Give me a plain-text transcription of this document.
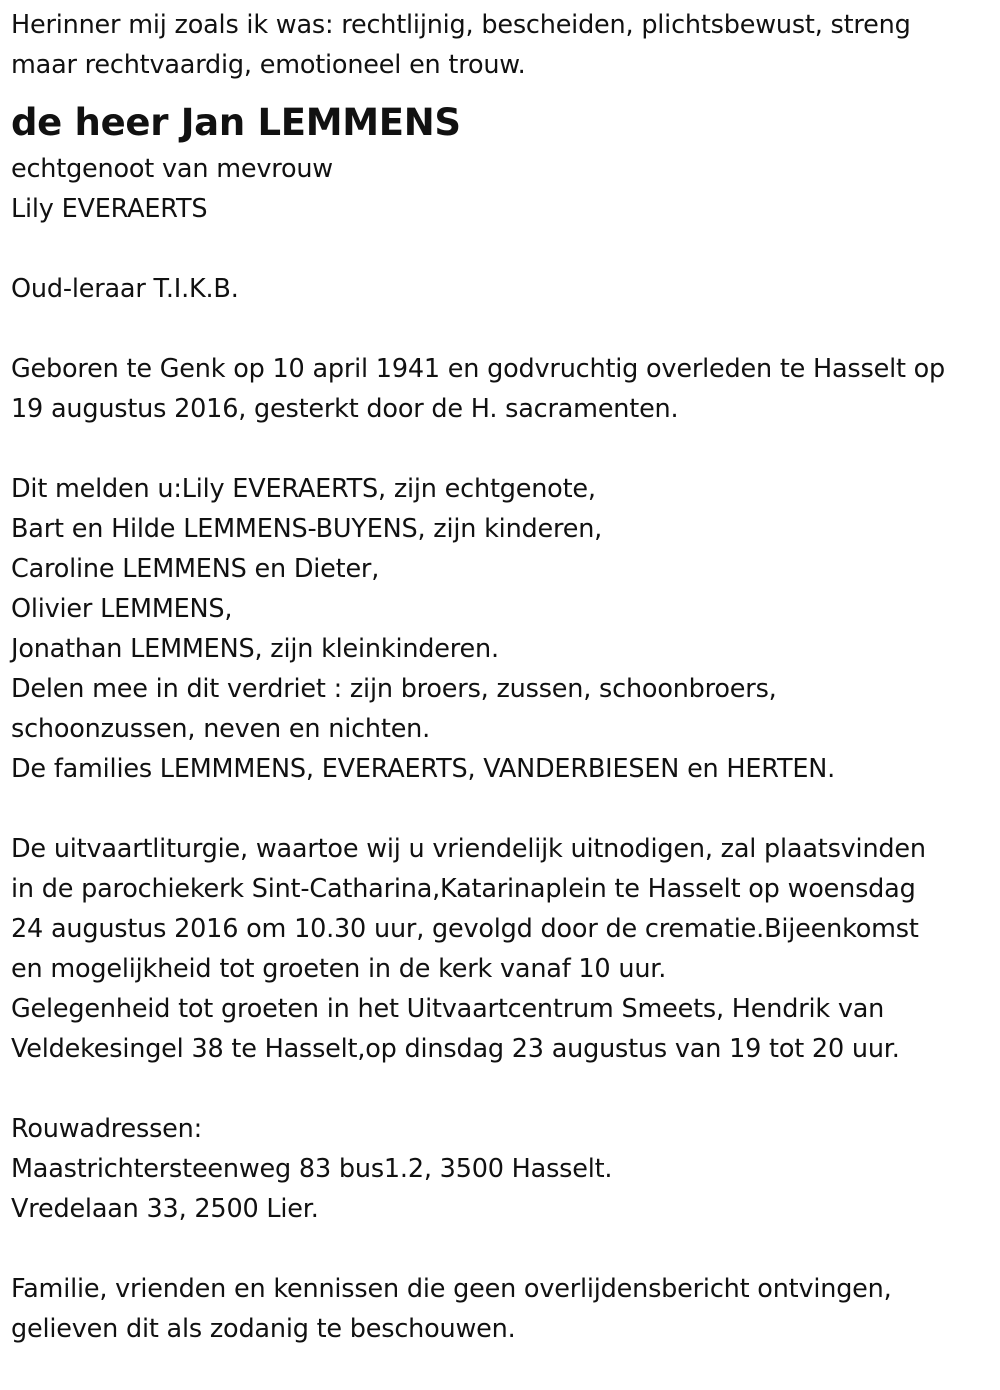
Herinner mij zoals ik was: rechtlijnig, bescheiden, plichtsbewust, streng
maar rechtvaardig, emotioneel en trouw.
de heer Jan LEMMENS
echtgenoot van mevrouw
Lily EVERAERTS
Oud-leraar T.I.K.B.
Geboren te Genk op 10 april 1941 en godvruchtig overleden te Hasselt op
19 augustus 2016, gesterkt door de H. sacramenten.
Dit melden u:Lily EVERAERTS, zijn echtgenote,
Bart en Hilde LEMMENS-BUYENS, zijn kinderen,
Caroline LEMMENS en Dieter,
Olivier LEMMENS,
Jonathan LEMMENS, zijn kleinkinderen.
Delen mee in dit verdriet : zijn broers, zussen, schoonbroers,
schoonzussen, neven en nichten.
De families LEMMMENS, EVERAERTS, VANDERBIESEN en HERTEN.
De uitvaartliturgie, waartoe wij u vriendelijk uitnodigen, zal plaatsvinden
in de parochiekerk Sint-Catharina,Katarinaplein te Hasselt op woensdag
24 augustus 2016 om 10.30 uur, gevolgd door de crematie.Bijeenkomst
en mogelijkheid tot groeten in de kerk vanaf 10 uur.
Gelegenheid tot groeten in het Uitvaartcentrum Smeets, Hendrik van
Veldekesingel 38 te Hasselt,op dinsdag 23 augustus van 19 tot 20 uur.
Rouwadressen:
Maastrichtersteenweg 83 bus1.2, 3500 Hasselt.
Vredelaan 33, 2500 Lier.
Familie, vrienden en kennissen die geen overlijdensbericht ontvingen,
gelieven dit als zodanig te beschouwen.
